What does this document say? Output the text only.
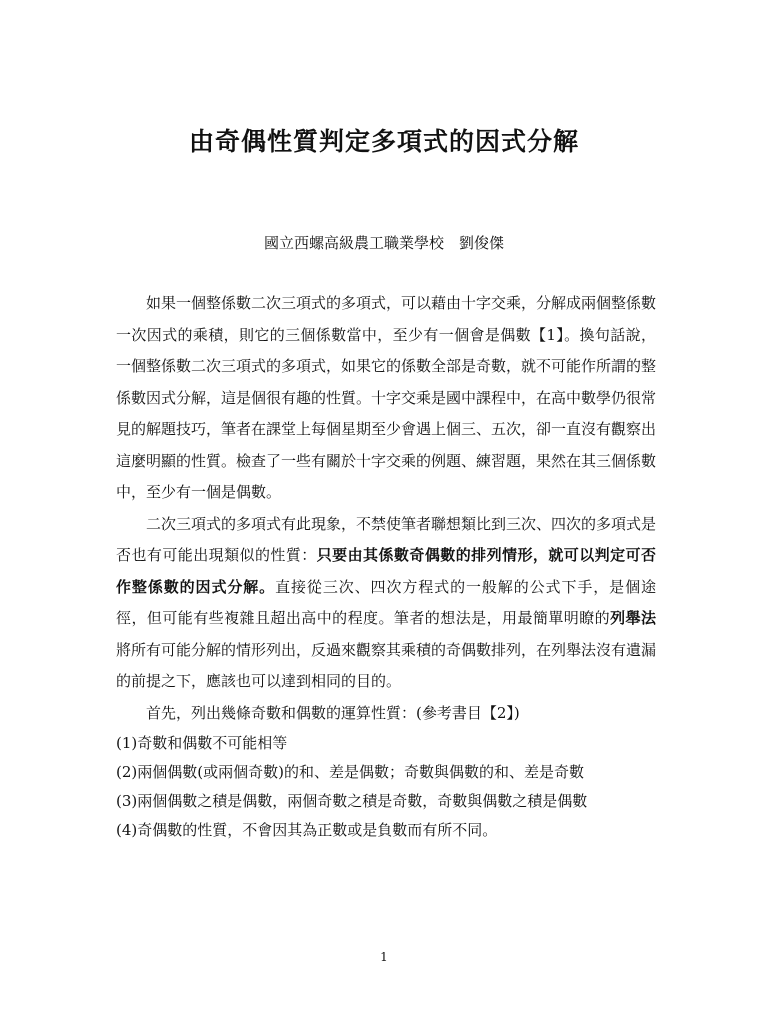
由奇偶性質判定多項式的因式分解
國立西螺高級農工職業學校　劉俊傑

如果一個整係數二次三項式的多項式，可以藉由十字交乘，分解成兩個整係數一次因式的乘積，則它的三個係數當中，至少有一個會是偶數【1】。換句話說，一個整係數二次三項式的多項式，如果它的係數全部是奇數，就不可能作所謂的整係數因式分解，這是個很有趣的性質。十字交乘是國中課程中，在高中數學仍很常見的解題技巧，筆者在課堂上每個星期至少會遇上個三、五次，卻一直沒有觀察出這麼明顯的性質。檢查了一些有關於十字交乘的例題、練習題，果然在其三個係數中，至少有一個是偶數。

二次三項式的多項式有此現象，不禁使筆者聯想類比到三次、四次的多項式是否也有可能出現類似的性質：只要由其係數奇偶數的排列情形，就可以判定可否作整係數的因式分解。直接從三次、四次方程式的一般解的公式下手，是個途徑，但可能有些複雜且超出高中的程度。筆者的想法是，用最簡單明瞭的列舉法將所有可能分解的情形列出，反過來觀察其乘積的奇偶數排列，在列舉法沒有遺漏的前提之下，應該也可以達到相同的目的。

首先，列出幾條奇數和偶數的運算性質：(參考書目【2】)

(1)奇數和偶數不可能相等

(2)兩個偶數(或兩個奇數)的和、差是偶數；奇數與偶數的和、差是奇數

(3)兩個偶數之積是偶數，兩個奇數之積是奇數，奇數與偶數之積是偶數

(4)奇偶數的性質，不會因其為正數或是負數而有所不同。

1
